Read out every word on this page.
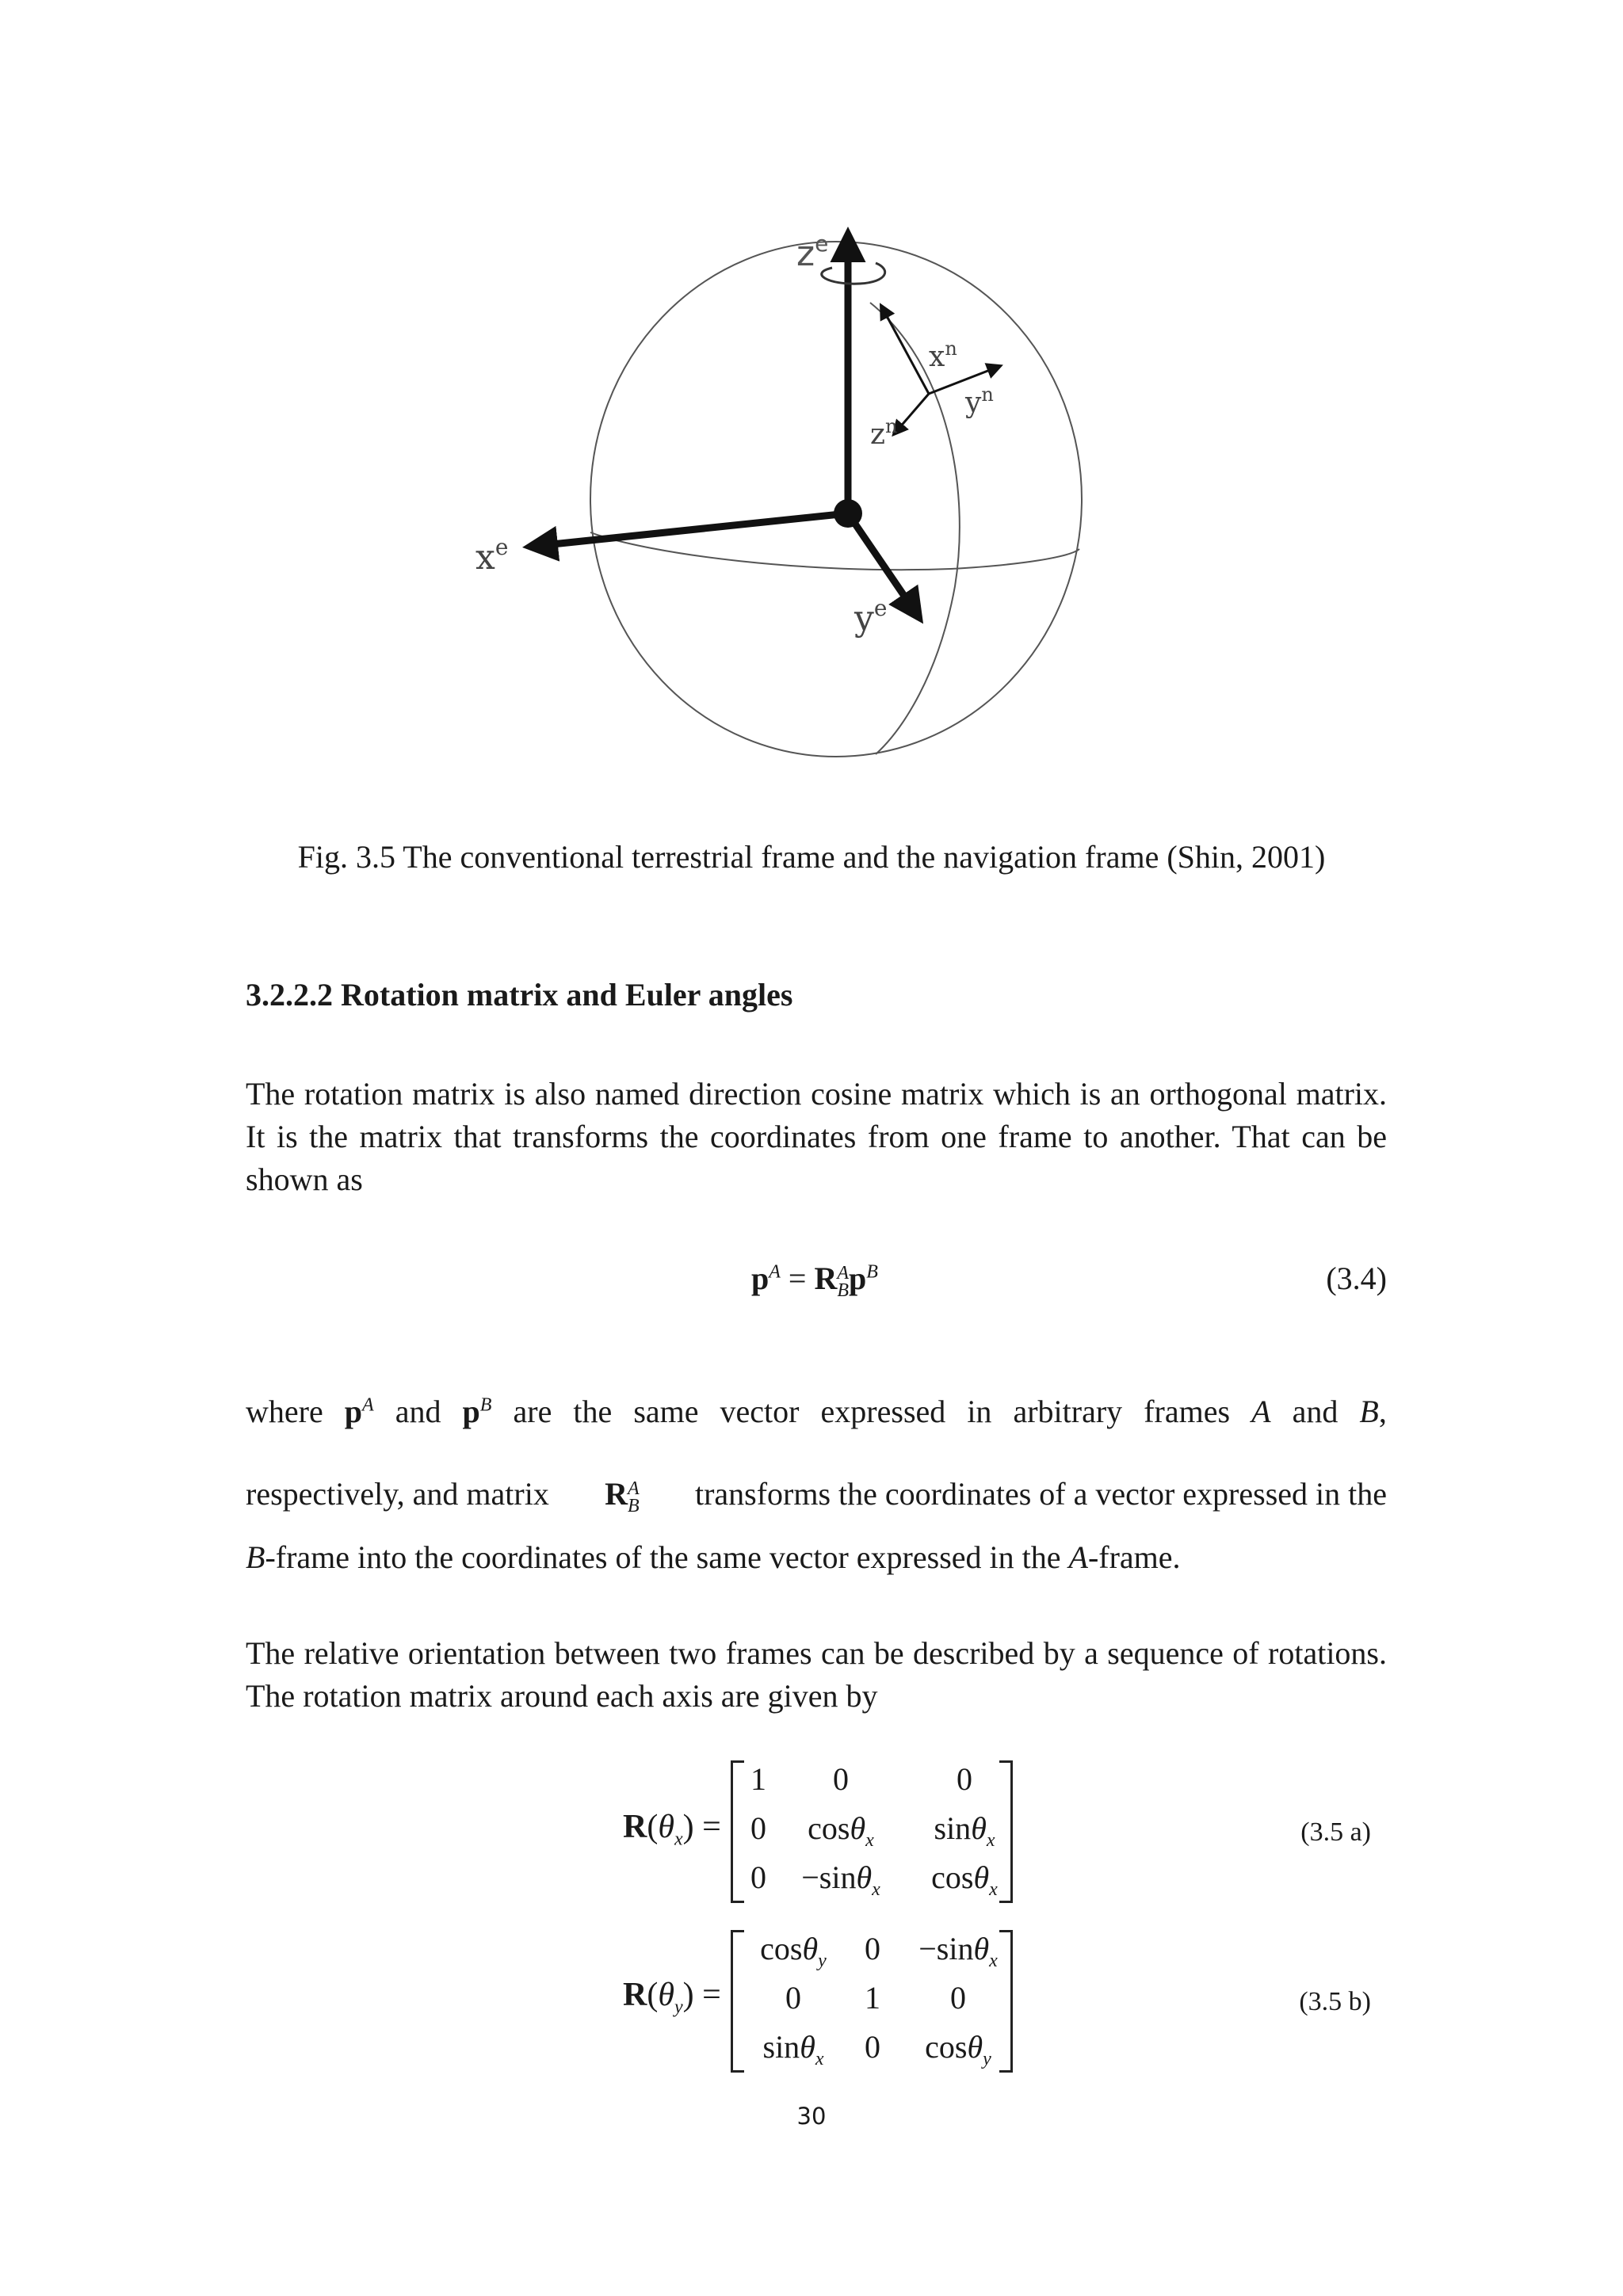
$z^e$
$x^e$
$y^e$
$x^n$
$y^n$
$z^n$
Fig. 3.5 The conventional terrestrial frame and the navigation frame (Shin, 2001)
3.2.2.2 Rotation matrix and Euler angles
The rotation matrix is also named direction cosine matrix which is an orthogonal matrix. It is the matrix that transforms the coordinates from one frame to another. That can be shown as
$p^A = R$ A
B $p^B$	(3.4)
where $p^A$ and $p^B$ are the same vector expressed in arbitrary frames A and B,
respectively, and matrix R A
B transforms the coordinates of a vector expressed in the
B-frame into the coordinates of the same vector expressed in the A-frame.
The relative orientation between two frames can be described by a sequence of rotations. The rotation matrix around each axis are given by
$R(\theta_x)$ =
1 0	0
0 cosθ$_x$ sinθ$_x$
0 −sinθ$_x$ cosθ$_x$
(3.5 a)
$R(\theta_y)$ =
cosθ$_y$ 0 −sinθ$_x$
0 1 0
sinθ$_x$ 0 cosθ$_y$
(3.5 b)
30
